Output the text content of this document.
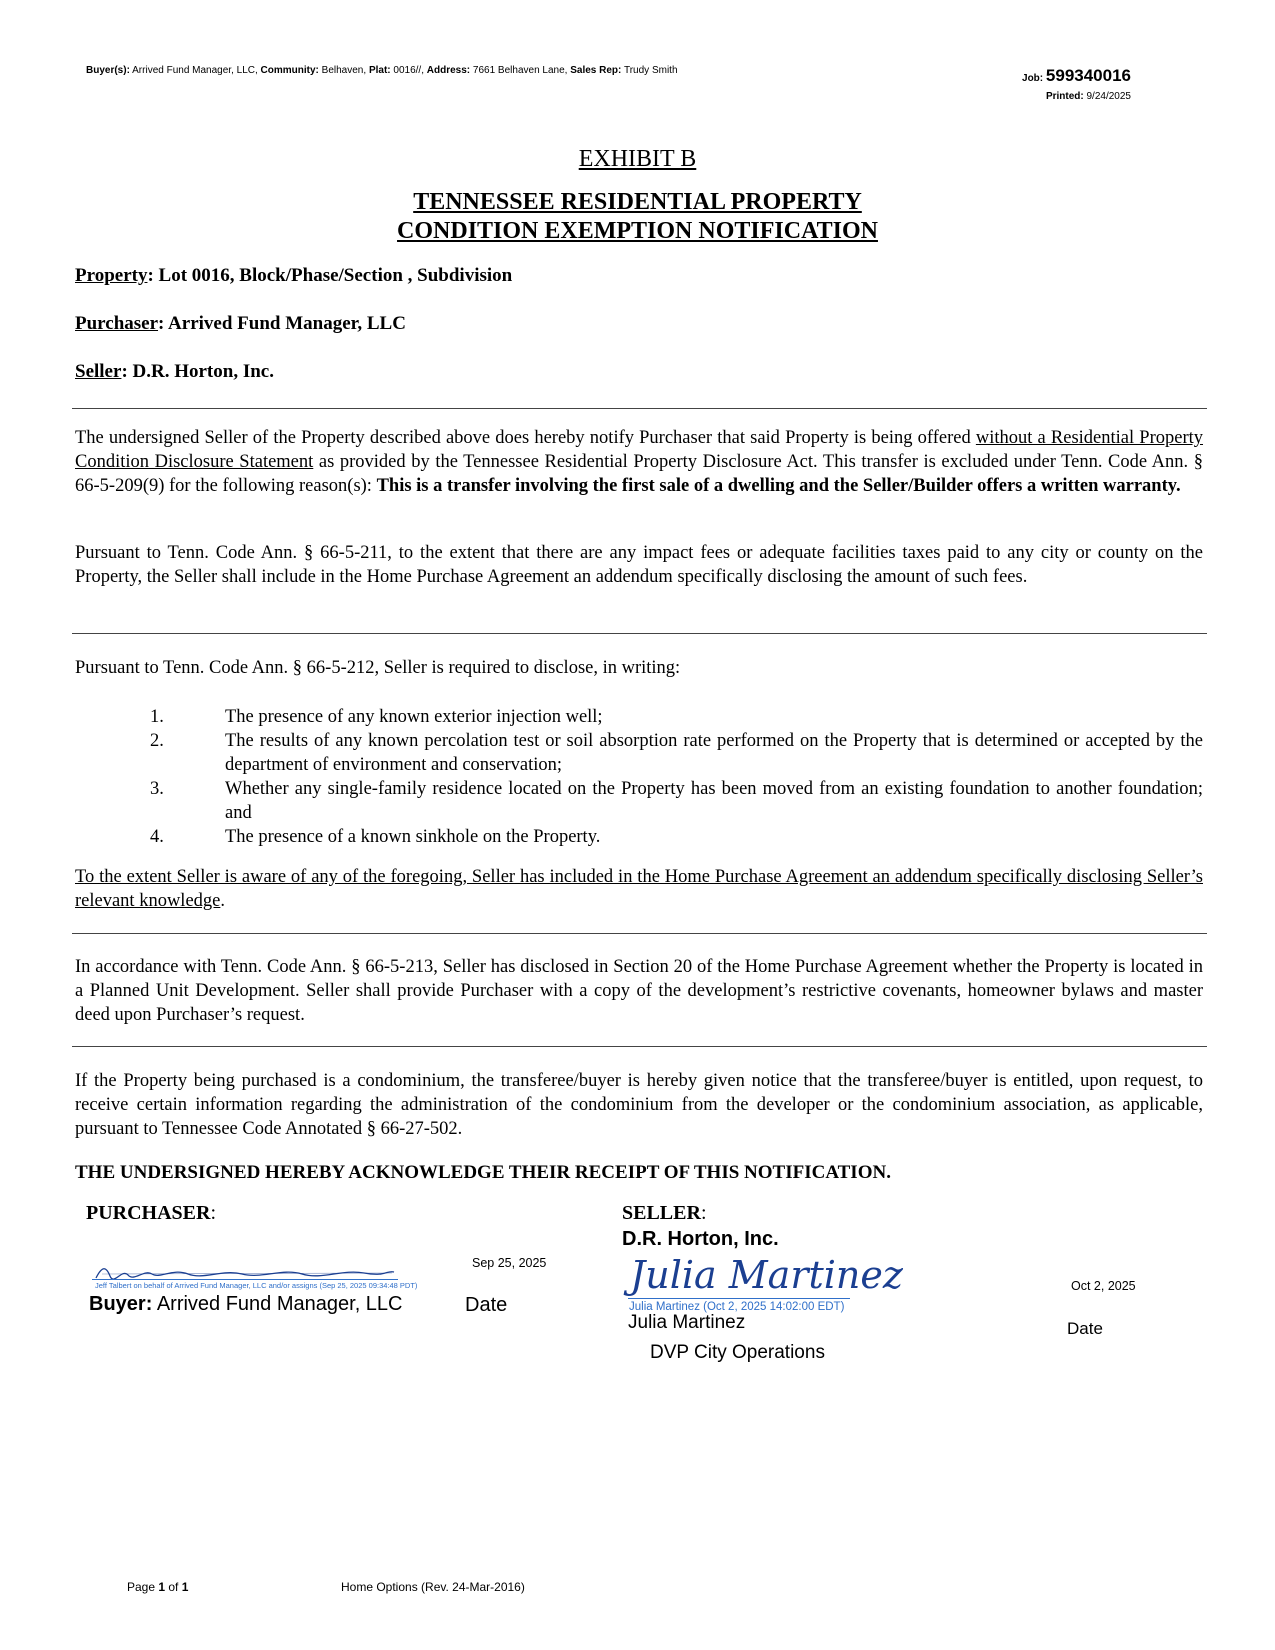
Buyer(s): Arrived Fund Manager, LLC, Community: Belhaven, Plat: 0016//, Address: 7661 Belhaven Lane, Sales Rep: Trudy Smith
Job: 599340016
Printed: 9/24/2025
EXHIBIT B
TENNESSEE RESIDENTIAL PROPERTY
CONDITION EXEMPTION NOTIFICATION
Property: Lot 0016, Block/Phase/Section , Subdivision
Purchaser: Arrived Fund Manager, LLC
Seller: D.R. Horton, Inc.
The undersigned Seller of the Property described above does hereby notify Purchaser that said Property is being offered without a Residential Property Condition Disclosure Statement as provided by the Tennessee Residential Property Disclosure Act. This transfer is excluded under Tenn. Code Ann. § 66-5-209(9) for the following reason(s): This is a transfer involving the first sale of a dwelling and the Seller/Builder offers a written warranty.
Pursuant to Tenn. Code Ann. § 66-5-211, to the extent that there are any impact fees or adequate facilities taxes paid to any city or county on the Property, the Seller shall include in the Home Purchase Agreement an addendum specifically disclosing the amount of such fees.
Pursuant to Tenn. Code Ann. § 66-5-212, Seller is required to disclose, in writing:
1.	The presence of any known exterior injection well;
2.	The results of any known percolation test or soil absorption rate performed on the Property that is determined or accepted by the department of environment and conservation;
3.	Whether any single-family residence located on the Property has been moved from an existing foundation to another foundation; and
4.	The presence of a known sinkhole on the Property.
To the extent Seller is aware of any of the foregoing, Seller has included in the Home Purchase Agreement an addendum specifically disclosing Seller’s relevant knowledge.
In accordance with Tenn. Code Ann. § 66-5-213, Seller has disclosed in Section 20 of the Home Purchase Agreement whether the Property is located in a Planned Unit Development. Seller shall provide Purchaser with a copy of the development’s restrictive covenants, homeowner bylaws and master deed upon Purchaser’s request.
If the Property being purchased is a condominium, the transferee/buyer is hereby given notice that the transferee/buyer is entitled, upon request, to receive certain information regarding the administration of the condominium from the developer or the condominium association, as applicable, pursuant to Tennessee Code Annotated § 66-27-502.
THE UNDERSIGNED HEREBY ACKNOWLEDGE THEIR RECEIPT OF THIS NOTIFICATION.
PURCHASER:
Sep 25, 2025
Jeff Talbert on behalf of Arrived Fund Manager, LLC and/or assigns (Sep 25, 2025 09:34:48 PDT)
Buyer: Arrived Fund Manager, LLC	Date
SELLER:
D.R. Horton, Inc.
Julia Martinez
Julia Martinez (Oct 2, 2025 14:02:00 EDT)
Julia Martinez
DVP City Operations
Oct 2, 2025
Date
Page 1 of 1	Home Options (Rev. 24-Mar-2016)
